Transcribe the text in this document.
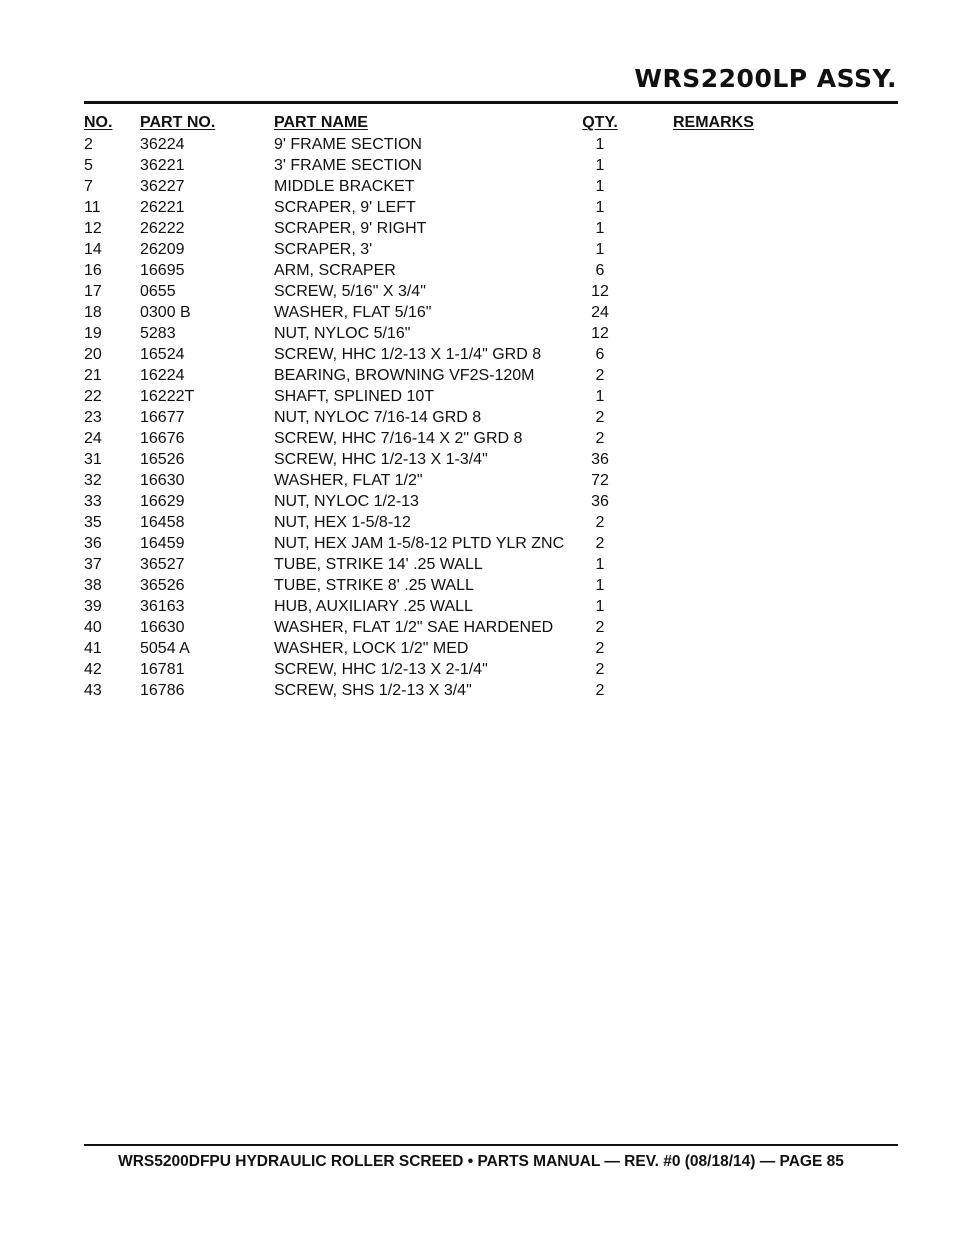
WRS2200LP ASSY.
NO. PART NO.	PART NAME	QTY.	REMARKS
2	36224	9' FRAME SECTION	1
5	36221	3' FRAME SECTION	1
7	36227	MIDDLE BRACKET	1
11 26221	SCRAPER, 9' LEFT	1
12 26222	SCRAPER, 9' RIGHT	1
14 26209	SCRAPER, 3'	1
16 16695	ARM, SCRAPER	6
17 0655	SCREW, 5/16" X 3/4"	12
18 0300 B	WASHER, FLAT 5/16"	24
19 5283	NUT, NYLOC 5/16"	12
20 16524	SCREW, HHC 1/2-13 X 1-1/4" GRD 8	6
21 16224	BEARING, BROWNING VF2S-120M	2
22 16222T	SHAFT, SPLINED 10T	1
23 16677	NUT, NYLOC 7/16-14 GRD 8	2
24 16676	SCREW, HHC 7/16-14 X 2" GRD 8	2
31 16526	SCREW, HHC 1/2-13 X 1-3/4"	36
32 16630	WASHER, FLAT 1/2"	72
33 16629	NUT, NYLOC 1/2-13	36
35 16458	NUT, HEX 1-5/8-12	2
36 16459	NUT, HEX JAM 1-5/8-12 PLTD YLR ZNC	2
37 36527	TUBE, STRIKE 14' .25 WALL	1
38 36526	TUBE, STRIKE 8' .25 WALL	1
39 36163	HUB, AUXILIARY .25 WALL	1
40 16630	WASHER, FLAT 1/2" SAE HARDENED	2
41 5054 A	WASHER, LOCK 1/2" MED	2
42 16781	SCREW, HHC 1/2-13 X 2-1/4"	2
43 16786	SCREW, SHS 1/2-13 X 3/4"	2
WRS5200DFPU HYDRAULIC ROLLER SCREED • PARTS MANUAL — REV. #0 (08/18/14) — PAGE 85
